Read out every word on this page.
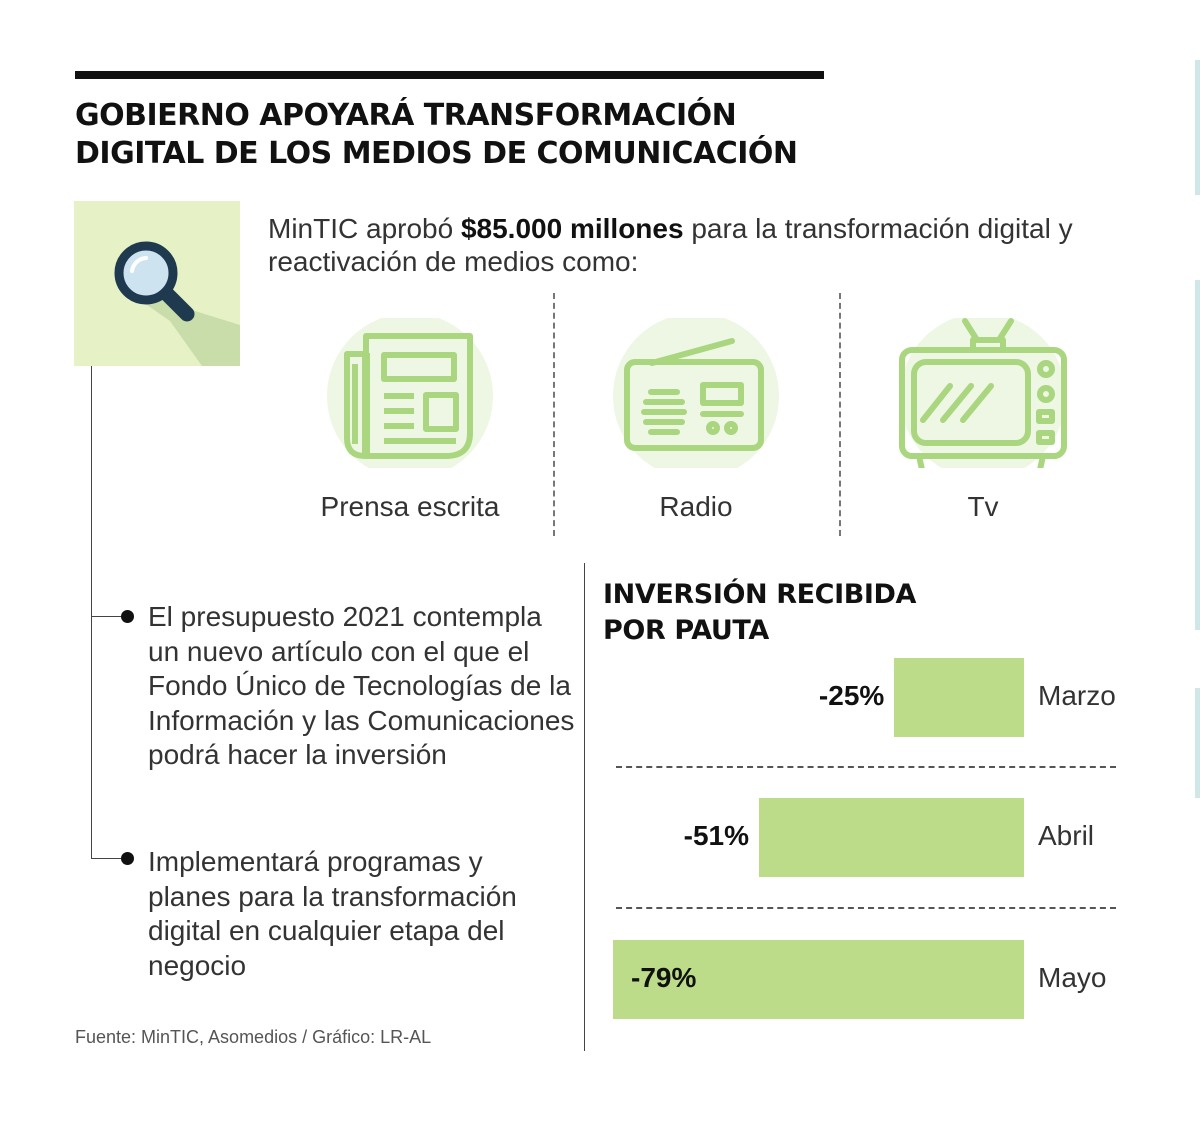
GOBIERNO APOYARÁ TRANSFORMACIÓN
DIGITAL DE LOS MEDIOS DE COMUNICACIÓN
MinTIC aprobó $85.000 millones para la transformación digital y reactivación de medios como:
Prensa escrita	Radio	Tv
El presupuesto 2021 contempla un nuevo artículo con el que el Fondo Único de Tecnologías de la Información y las Comunicaciones podrá hacer la inversión
Implementará programas y planes para la transformación digital en cualquier etapa del negocio
INVERSIÓN RECIBIDA
POR PAUTA
-25%	Marzo
-51%	Abril
-79%	Mayo
Fuente: MinTIC, Asomedios / Gráfico: LR-AL
